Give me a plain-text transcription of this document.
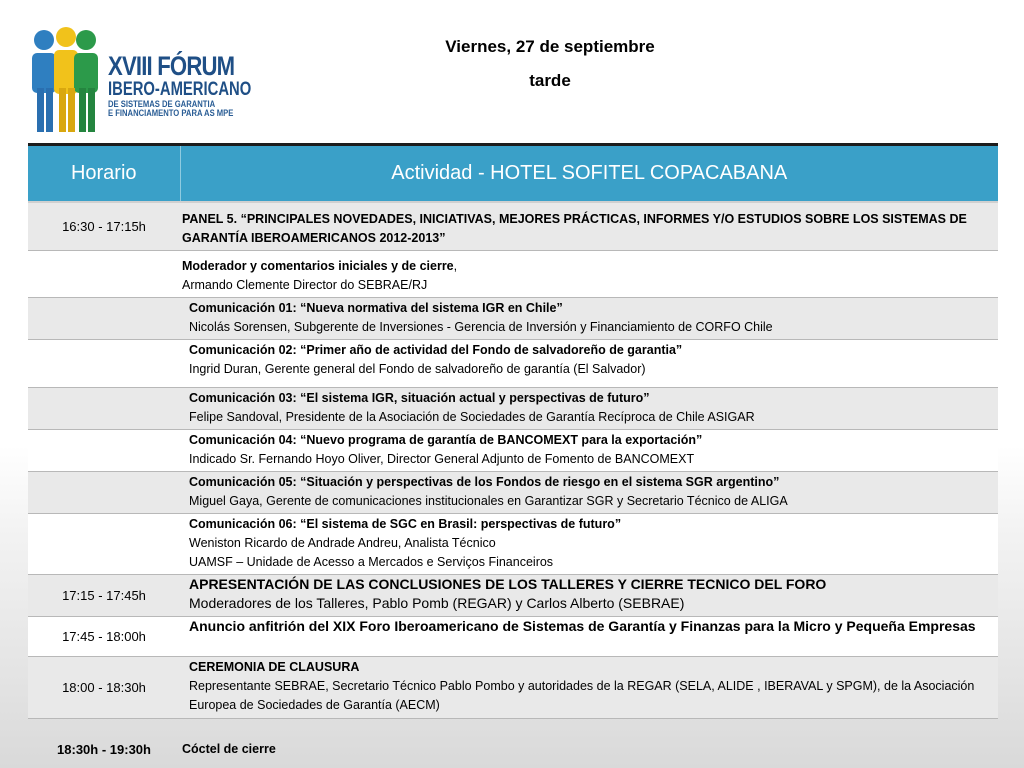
XVIII FÓRUM
IBERO-AMERICANO
DE SISTEMAS DE GARANTIA
E FINANCIAMENTO PARA AS MPE
Viernes, 27 de septiembre
tarde
Horario	Actividad - HOTEL SOFITEL COPACABANA
16:30 - 17:15h	PANEL 5. “PRINCIPALES NOVEDADES, INICIATIVAS, MEJORES PRÁCTICAS, INFORMES Y/O ESTUDIOS SOBRE LOS SISTEMAS DE GARANTÍA IBEROAMERICANOS 2012-2013”
	Moderador y comentarios iniciales y de cierre,
Armando Clemente Director do SEBRAE/RJ
	Comunicación 01: “Nueva normativa del sistema IGR en Chile”
Nicolás Sorensen, Subgerente de Inversiones - Gerencia de Inversión y Financiamiento de CORFO Chile
	Comunicación 02: “Primer año de actividad del Fondo de salvadoreño de garantia”
Ingrid Duran, Gerente general del Fondo de salvadoreño de garantía (El Salvador)
	Comunicación 03: “El sistema IGR, situación actual y perspectivas de futuro”
Felipe Sandoval, Presidente de la Asociación de Sociedades de Garantía Recíproca de Chile ASIGAR
	Comunicación 04: “Nuevo programa de garantía de BANCOMEXT para la exportación”
Indicado Sr. Fernando Hoyo Oliver, Director General Adjunto de Fomento de BANCOMEXT
	Comunicación 05: “Situación y perspectivas de los Fondos de riesgo en el sistema SGR argentino”
Miguel Gaya, Gerente de comunicaciones institucionales en Garantizar SGR y Secretario Técnico de ALIGA
	Comunicación 06: “El sistema de SGC en Brasil: perspectivas de futuro”
Weniston Ricardo de Andrade Andreu, Analista Técnico
UAMSF – Unidade de Acesso a Mercados e Serviços Financeiros
17:15 - 17:45h	APRESENTACIÓN DE LAS CONCLUSIONES DE LOS TALLERES Y CIERRE TECNICO DEL FORO
Moderadores de los Talleres, Pablo Pomb (REGAR) y Carlos Alberto (SEBRAE)
17:45 - 18:00h	Anuncio anfitrión del XIX Foro Iberoamericano de Sistemas de Garantía y Finanzas para la Micro y Pequeña Empresas
18:00 - 18:30h	CEREMONIA DE CLAUSURA
Representante SEBRAE, Secretario Técnico Pablo Pombo y autoridades de la REGAR (SELA, ALIDE , IBERAVAL y SPGM), de la Asociación Europea de Sociedades de Garantía (AECM)
18:30h - 19:30h	Cóctel de cierre
